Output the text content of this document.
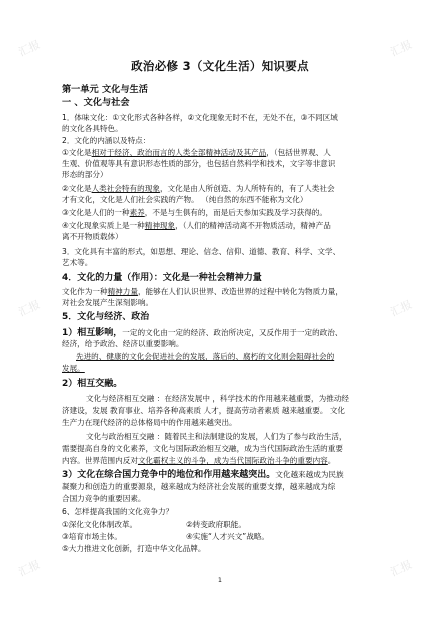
汇报	汇报
汇报	汇报
汇报	汇报
政治必修 3（文化生活）知识要点
第一单元 文化与生活
一 、文化与社会
1．体味文化：①文化形式各种各样，②文化现象无时不在，无处不在，③不同区域
的文化各具特色。
2．文化的内涵以及特点：
①文化是相对于经济、政治而言的人类全部精神活动及其产品，（包括世界观、人
生观、价值观等具有意识形态性质的部分，也包括自然科学和技术，文字等非意识
形态的部分）
②文化是人类社会特有的现象，文化是由人所创造、为人所特有的，有了人类社会
才有文化，文化是人们社会实践的产物。 （纯自然的东西不能称为文化）
③文化是人们的一种素养，不是与生俱有的，而是后天参加实践及学习获得的。
④文化现象实质上是一种精神现象，（人们的精神活动离不开物质活动，精神产品
离不开物质载体）
3．文化具有丰富的形式，如思想、理论、信念、信仰、道德、教育、科学、文学、
艺术等。
4．文化的力量（作用）：文化是一种社会精神力量
文化作为一种精神力量，能够在人们认识世界、改造世界的过程中转化为物质力量，
对社会发展产生深刻影响。
5．文化与经济、政治
1）相互影响，一定的文化由一定的经济、政治所决定，又反作用于一定的政治、
经济，给予政治、经济以重要影响。
先进的、健康的文化会促进社会的发展，落后的、腐朽的文化则会阻碍社会的
发展。
2）相互交融。
文化与经济相互交融 ：在经济发展中 ，科学技术的作用越来越重要，为推动经
济建设，发展 教育事业、培养各种高素质 人才，提高劳动者素质 越来越重要。 文化
生产力在现代经济的总体格局中的作用越来越突出。
文化与政治相互交融 ：随着民主和法制建设的发展，人们为了参与政治生活，
需要提高自身的文化素养，文化与国际政治相互交融，成为当代国际政治生活的重要
内容。世界范围内反对文化霸权主义的斗争，成为当代国际政治斗争的重要内容。
3）文化在综合国力竞争中的地位和作用越来越突出。文化越来越成为民族
凝聚力和创造力的重要源泉，越来越成为经济社会发展的重要支撑，越来越成为综
合国力竞争的重要因素。
6、怎样提高我国的文化竞争力？
①深化文化体制改革。	②转变政府职能。
③培育市场主体。	④实施“人才兴文”战略。
⑤大力推进文化创新，打造中华文化品牌。
1
